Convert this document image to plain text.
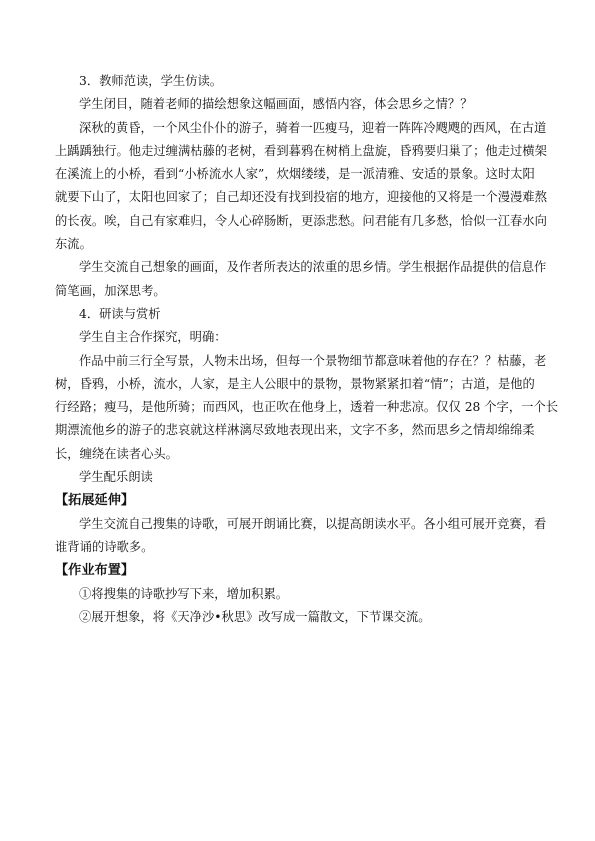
3．教师范读，学生仿读。

学生闭目，随着老师的描绘想象这幅画面，感悟内容，体会思乡之情？？

深秋的黄昏，一个风尘仆仆的游子，骑着一匹瘦马，迎着一阵阵冷飕飕的西风，在古道

上踽踽独行。他走过缠满枯藤的老树，看到暮鸦在树梢上盘旋，昏鸦要归巢了；他走过横架

在溪流上的小桥，看到“小桥流水人家”，炊烟缕缕，是一派清雅、安适的景象。这时太阳

就要下山了，太阳也回家了；自己却还没有找到投宿的地方，迎接他的又将是一个漫漫难熬

的长夜。唉，自己有家难归，令人心碎肠断，更添悲愁。问君能有几多愁，恰似一江春水向

东流。

学生交流自己想象的画面，及作者所表达的浓重的思乡情。学生根据作品提供的信息作

简笔画，加深思考。

4．研读与赏析

学生自主合作探究，明确：

作品中前三行全写景，人物未出场，但每一个景物细节都意味着他的存在？？枯藤，老

树，昏鸦，小桥，流水，人家，是主人公眼中的景物，景物紧紧扣着“情”；古道，是他的

行经路；瘦马，是他所骑；而西风，也正吹在他身上，透着一种悲凉。仅仅 28 个字，一个长

期漂流他乡的游子的悲哀就这样淋漓尽致地表现出来，文字不多，然而思乡之情却绵绵柔

长，缠绕在读者心头。

学生配乐朗读

【拓展延伸】

学生交流自己搜集的诗歌，可展开朗诵比赛，以提高朗读水平。各小组可展开竞赛，看

谁背诵的诗歌多。

【作业布置】

①将搜集的诗歌抄写下来，增加积累。

②展开想象，将《天净沙•秋思》改写成一篇散文，下节课交流。
